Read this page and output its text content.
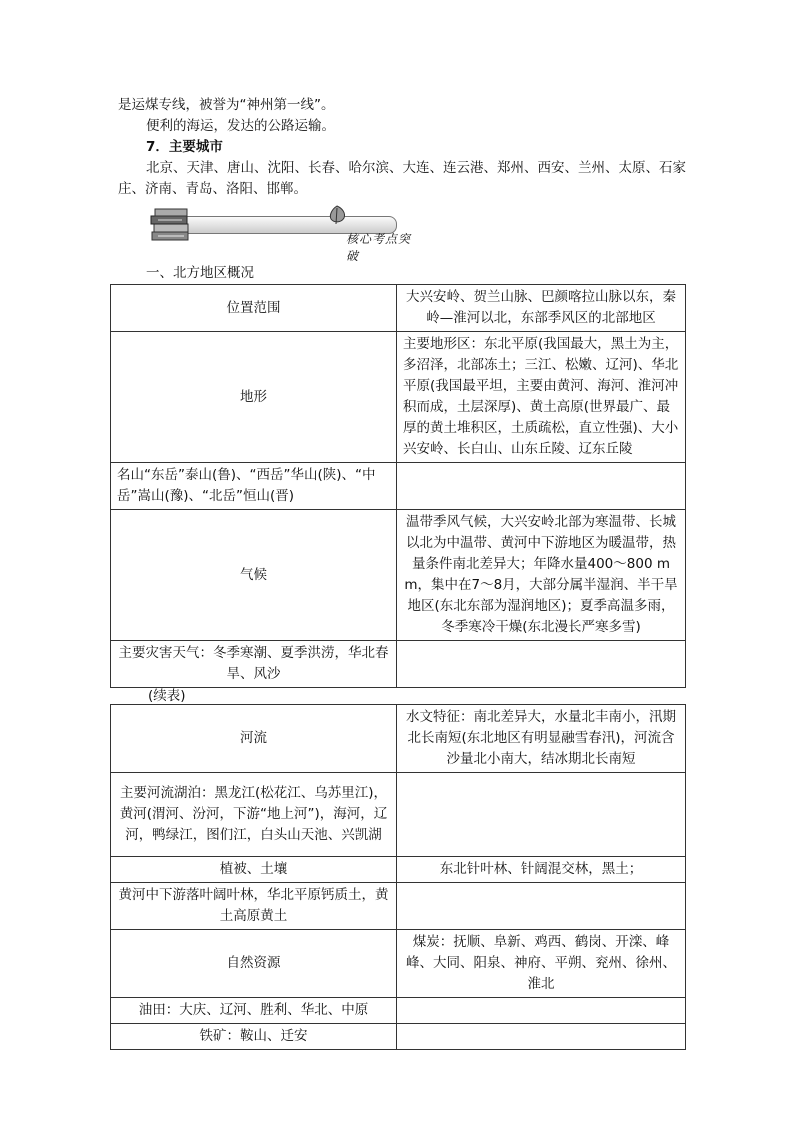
是运煤专线，被誉为“神州第一线”。
便利的海运，发达的公路运输。
7．主要城市
北京、天津、唐山、沈阳、长春、哈尔滨、大连、连云港、郑州、西安、兰州、太原、石家庄、济南、青岛、洛阳、邯郸。
核心考点突破
一、北方地区概况
位置范围	大兴安岭、贺兰山脉、巴颜喀拉山脉以东，秦岭—淮河以北，东部季风区的北部地区
地形	主要地形区：东北平原(我国最大，黑土为主，多沼泽，北部冻土；三江、松嫩、辽河)、华北平原(我国最平坦，主要由黄河、海河、淮河冲积而成，土层深厚)、黄土高原(世界最广、最厚的黄土堆积区，土质疏松，直立性强)、大小兴安岭、长白山、山东丘陵、辽东丘陵
名山“东岳”泰山(鲁)、“西岳”华山(陕)、“中岳”嵩山(豫)、“北岳”恒山(晋)	
气候	温带季风气候，大兴安岭北部为寒温带、长城以北为中温带、黄河中下游地区为暖温带，热量条件南北差异大；年降水量400～800 mm，集中在7～8月，大部分属半湿润、半干旱地区(东北东部为湿润地区)；夏季高温多雨，冬季寒冷干燥(东北漫长严寒多雪)
主要灾害天气：冬季寒潮、夏季洪涝，华北春旱、风沙	
(续表)
河流	水文特征：南北差异大，水量北丰南小，汛期北长南短(东北地区有明显融雪春汛)，河流含沙量北小南大，结冰期北长南短
主要河流湖泊：黑龙江(松花江、乌苏里江)，黄河(渭河、汾河，下游“地上河”)，海河，辽河，鸭绿江，图们江，白头山天池、兴凯湖	
植被、土壤	东北针叶林、针阔混交林，黑土；
黄河中下游落叶阔叶林，华北平原钙质土，黄土高原黄土	
自然资源	煤炭：抚顺、阜新、鸡西、鹤岗、开滦、峰峰、大同、阳泉、神府、平朔、兖州、徐州、淮北
油田：大庆、辽河、胜利、华北、中原	
铁矿：鞍山、迁安	
